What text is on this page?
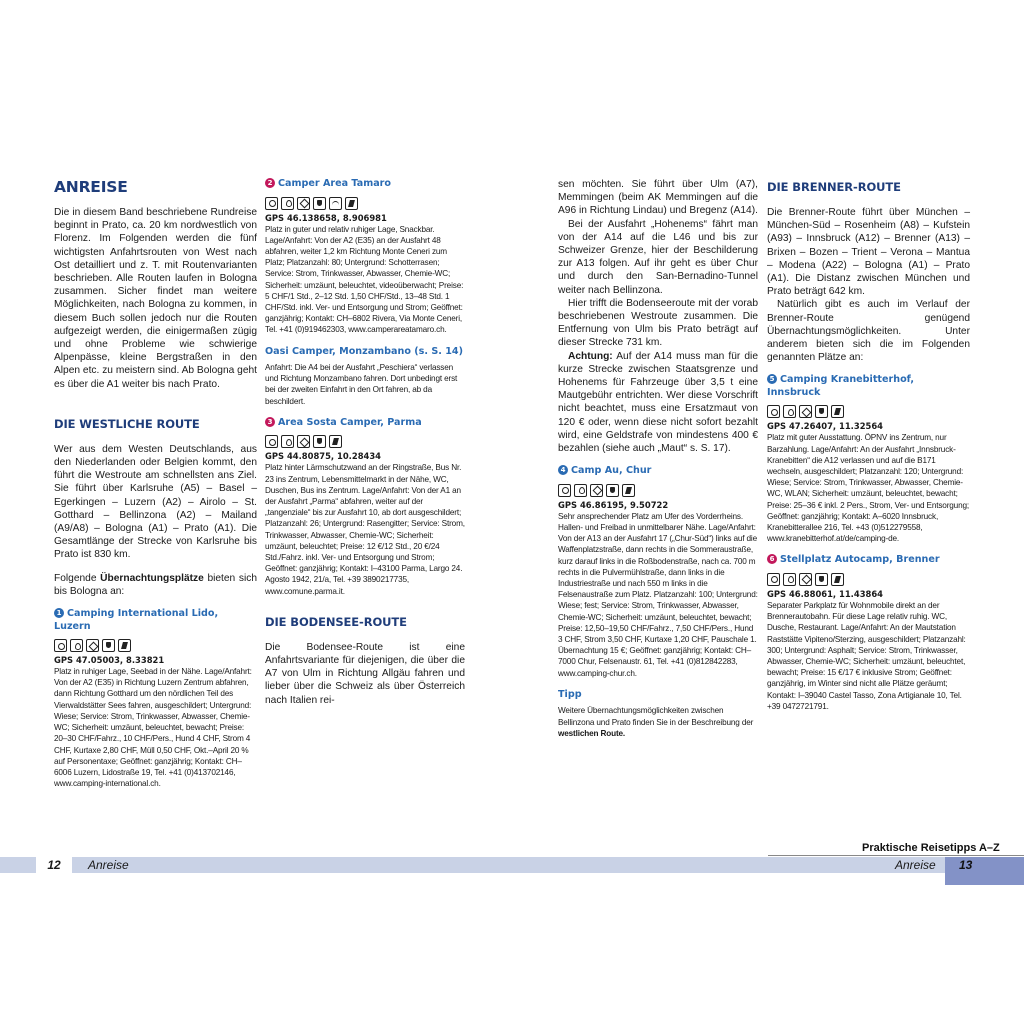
ANREISE

Die in diesem Band beschriebene Rundreise beginnt in Prato, ca. 20 km nordwestlich von Florenz. Im Folgenden werden die fünf wichtigsten Anfahrtsrouten von West nach Ost detailliert und z. T. mit Routenvarianten beschrieben. Alle Routen laufen in Bologna zusammen. Sicher findet man weitere Möglichkeiten, nach Bologna zu kommen, in diesem Buch sollen jedoch nur die Routen aufgezeigt werden, die einigermaßen zügig und ohne Probleme wie schwierige Alpenpässe, kleine Bergstraßen in den Alpen etc. zu meistern sind. Ab Bologna geht es über die A1 weiter bis nach Prato.

DIE WESTLICHE ROUTE

Wer aus dem Westen Deutschlands, aus den Niederlanden oder Belgien kommt, den führt die Westroute am schnellsten ans Ziel. Sie führt über Karlsruhe (A5) – Basel – Egerkingen – Luzern (A2) – Airolo – St. Gotthard – Bellinzona (A2) – Mailand (A9/A8) – Bologna (A1) – Prato (A1). Die Gesamtlänge der Strecke von Karlsruhe bis Prato ist 830 km.

Folgende Übernachtungsplätze bieten sich bis Bologna an:

1 Camping International Lido, Luzern
GPS 47.05003, 8.33821

Platz in ruhiger Lage, Seebad in der Nähe. Lage/Anfahrt: Von der A2 (E35) in Richtung Luzern Zentrum abfahren, dann Richtung Gotthard um den nördlichen Teil des Vierwaldstätter Sees fahren, ausgeschildert; Untergrund: Wiese; Service: Strom, Trinkwasser, Abwasser, Chemie-WC; Sicherheit: umzäunt, beleuchtet, bewacht; Preise: 20–30 CHF/Fahrz., 10 CHF/Pers., Hund 4 CHF, Strom 4 CHF, Kurtaxe 2,80 CHF, Müll 0,50 CHF, Okt.–April 20 % auf Personentaxe; Geöffnet: ganzjährig; Kontakt: CH–6006 Luzern, Lidostraße 19, Tel. +41 (0)413702146, www.camping-international.ch.

2 Camper Area Tamaro
GPS 46.138658, 8.906981

Platz in guter und relativ ruhiger Lage, Snackbar. Lage/Anfahrt: Von der A2 (E35) an der Ausfahrt 48 abfahren, weiter 1,2 km Richtung Monte Ceneri zum Platz; Platzanzahl: 80; Untergrund: Schotterrasen; Service: Strom, Trinkwasser, Abwasser, Chemie-WC; Sicherheit: umzäunt, beleuchtet, videoüberwacht; Preise: 5 CHF/1 Std., 2–12 Std. 1,50 CHF/Std., 13–48 Std. 1 CHF/Std. inkl. Ver- und Entsorgung und Strom; Geöffnet: ganzjährig; Kontakt: CH–6802 Rivera, Via Monte Ceneri, Tel. +41 (0)919462303, www.camperareatamaro.ch.

Oasi Camper, Monzambano (s. S. 14)

Anfahrt: Die A4 bei der Ausfahrt „Peschiera“ verlassen und Richtung Monzambano fahren. Dort unbedingt erst bei der zweiten Einfahrt in den Ort fahren, ab da beschildert.

3 Area Sosta Camper, Parma
GPS 44.80875, 10.28434

Platz hinter Lärmschutzwand an der Ringstraße, Bus Nr. 23 ins Zentrum, Lebensmittelmarkt in der Nähe, WC, Duschen, Bus ins Zentrum. Lage/Anfahrt: Von der A1 an der Ausfahrt „Parma“ abfahren, weiter auf der „tangenziale“ bis zur Ausfahrt 10, ab dort ausgeschildert; Platzanzahl: 26; Untergrund: Rasengitter; Service: Strom, Trinkwasser, Abwasser, Chemie-WC; Sicherheit: umzäunt, beleuchtet; Preise: 12 €/12 Std., 20 €/24 Std./Fahrz. inkl. Ver- und Entsorgung und Strom; Geöffnet: ganzjährig; Kontakt: I–43100 Parma, Largo 24. Agosto 1942, 21/a, Tel. +39 3890217735, www.comune.parma.it.

DIE BODENSEE-ROUTE

Die Bodensee-Route ist eine Anfahrtsvariante für diejenigen, die über die A7 von Ulm in Richtung Allgäu fahren und lieber über die Schweiz als über Österreich nach Italien rei-

sen möchten. Sie führt über Ulm (A7), Memmingen (beim AK Memmingen auf die A96 in Richtung Lindau) und Bregenz (A14).

Bei der Ausfahrt „Hohenems“ fährt man von der A14 auf die L46 und bis zur Schweizer Grenze, hier der Beschilderung zur A13 folgen. Auf ihr geht es über Chur und durch den San-Bernadino-Tunnel weiter nach Bellinzona.

Hier trifft die Bodenseeroute mit der vorab beschriebenen Westroute zusammen. Die Entfernung von Ulm bis Prato beträgt auf dieser Strecke 731 km.

Achtung: Auf der A14 muss man für die kurze Strecke zwischen Staatsgrenze und Hohenems für Fahrzeuge über 3,5 t eine Mautgebühr entrichten. Wer diese Vorschrift nicht beachtet, muss eine Ersatzmaut von 120 € oder, wenn diese nicht sofort bezahlt wird, eine Geldstrafe von mindestens 400 € bezahlen (siehe auch „Maut“ s. S. 17).

4 Camp Au, Chur
GPS 46.86195, 9.50722

Sehr ansprechender Platz am Ufer des Vorderrheins. Hallen- und Freibad in unmittelbarer Nähe. Lage/Anfahrt: Von der A13 an der Ausfahrt 17 („Chur-Süd“) links auf die Waffenplatzstraße, dann rechts in die Sommeraustraße, kurz darauf links in die Roßbodenstraße, nach ca. 700 m rechts in die Pulvermühlstraße, dann links in die Industriestraße und nach 550 m links in die Felsenaustraße zum Platz. Platzanzahl: 100; Untergrund: Wiese; fest; Service: Strom, Trinkwasser, Abwasser, Chemie-WC; Sicherheit: umzäunt, beleuchtet, bewacht; Preise: 12,50–19,50 CHF/Fahrz., 7,50 CHF/Pers., Hund 3 CHF, Strom 3,50 CHF, Kurtaxe 1,20 CHF, Pauschale 1. Übernachtung 15 €; Geöffnet: ganzjährig; Kontakt: CH–7000 Chur, Felsenaustr. 61, Tel. +41 (0)812842283, www.camping-chur.ch.

Tipp

Weitere Übernachtungsmöglichkeiten zwischen Bellinzona und Prato finden Sie in der Beschreibung der westlichen Route.

DIE BRENNER-ROUTE

Die Brenner-Route führt über München – München-Süd – Rosenheim (A8) – Kufstein (A93) – Innsbruck (A12) – Brenner (A13) – Brixen – Bozen – Trient – Verona – Mantua – Modena (A22) – Bologna (A1) – Prato (A1). Die Distanz zwischen München und Prato beträgt 642 km.

Natürlich gibt es auch im Verlauf der Brenner-Route genügend Übernachtungsmöglichkeiten. Unter anderem bieten sich die im Folgenden genannten Plätze an:

5 Camping Kranebitterhof, Innsbruck
GPS 47.26407, 11.32564

Platz mit guter Ausstattung. ÖPNV ins Zentrum, nur Barzahlung. Lage/Anfahrt: An der Ausfahrt „Innsbruck-Kranebitten“ die A12 verlassen und auf die B171 wechseln, ausgeschildert; Platzanzahl: 120; Untergrund: Wiese; Service: Strom, Trinkwasser, Abwasser, Chemie-WC, WLAN; Sicherheit: umzäunt, beleuchtet, bewacht; Preise: 25–36 € inkl. 2 Pers., Strom, Ver- und Entsorgung; Geöffnet: ganzjährig; Kontakt: A–6020 Innsbruck, Kranebitterallee 216, Tel. +43 (0)512279558, www.kranebitterhof.at/de/camping-de.

6 Stellplatz Autocamp, Brenner
GPS 46.88061, 11.43864

Separater Parkplatz für Wohnmobile direkt an der Brennerautobahn. Für diese Lage relativ ruhig. WC, Dusche, Restaurant. Lage/Anfahrt: An der Mautstation Raststätte Vipiteno/Sterzing, ausgeschildert; Platzanzahl: 300; Untergrund: Asphalt; Service: Strom, Trinkwasser, Abwasser, Chemie-WC; Sicherheit: umzäunt, beleuchtet, bewacht; Preise: 15 €/17 € inklusive Strom; Geöffnet: ganzjährig, im Winter sind nicht alle Plätze geräumt; Kontakt: I–39040 Castel Tasso, Zona Artigianale 10, Tel. +39 0472721791.

Praktische Reisetipps A–Z
12	Anreise	Anreise 13
